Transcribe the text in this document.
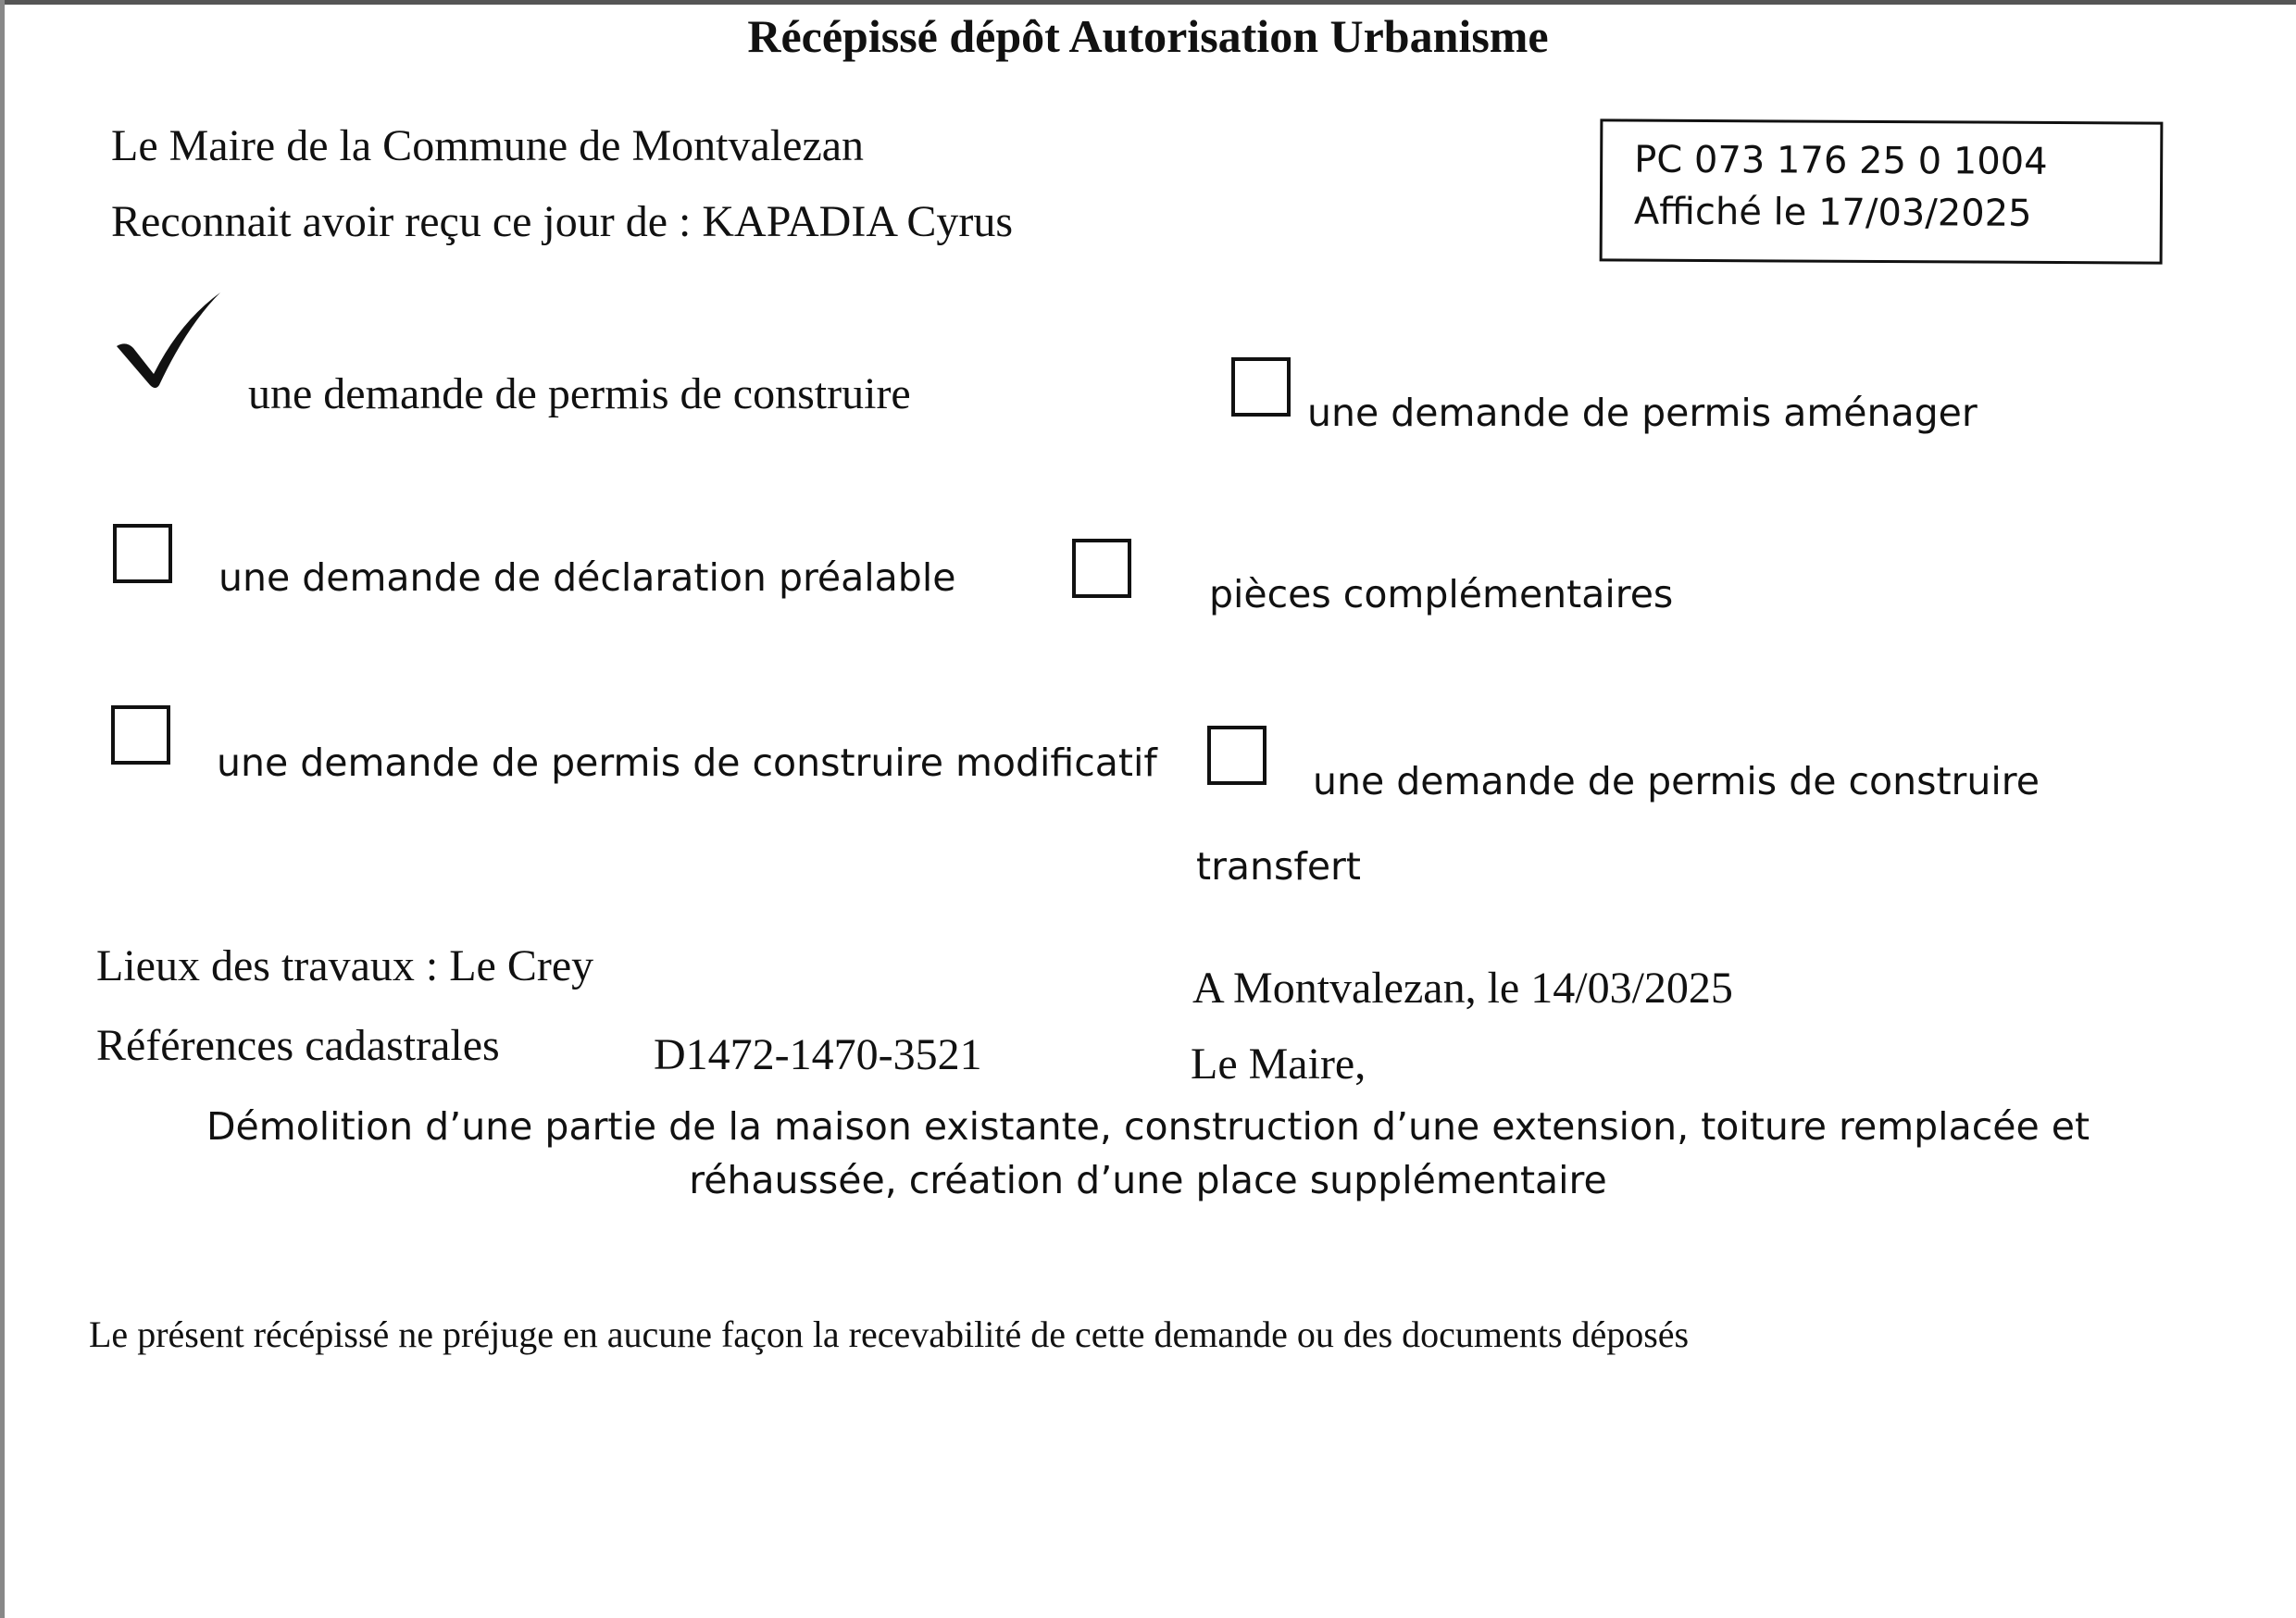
Récépissé dépôt Autorisation Urbanisme
Le Maire de la Commune de Montvalezan
Reconnait avoir reçu ce jour de : KAPADIA Cyrus
PC 073 176 25 0 1004
Affiché le 17/03/2025
une demande de permis de construire	une demande de permis aménager
une demande de déclaration préalable	pièces complémentaires
une demande de permis de construire modificatif	une demande de permis de construire
transfert
Lieux des travaux : Le Crey
Références cadastrales	D1472-1470-3521
A Montvalezan, le 14/03/2025
Le Maire,
Démolition d’une partie de la maison existante, construction d’une extension, toiture remplacée et réhaussée, création d’une place supplémentaire
Le présent récépissé ne préjuge en aucune façon la recevabilité de cette demande ou des documents déposés
